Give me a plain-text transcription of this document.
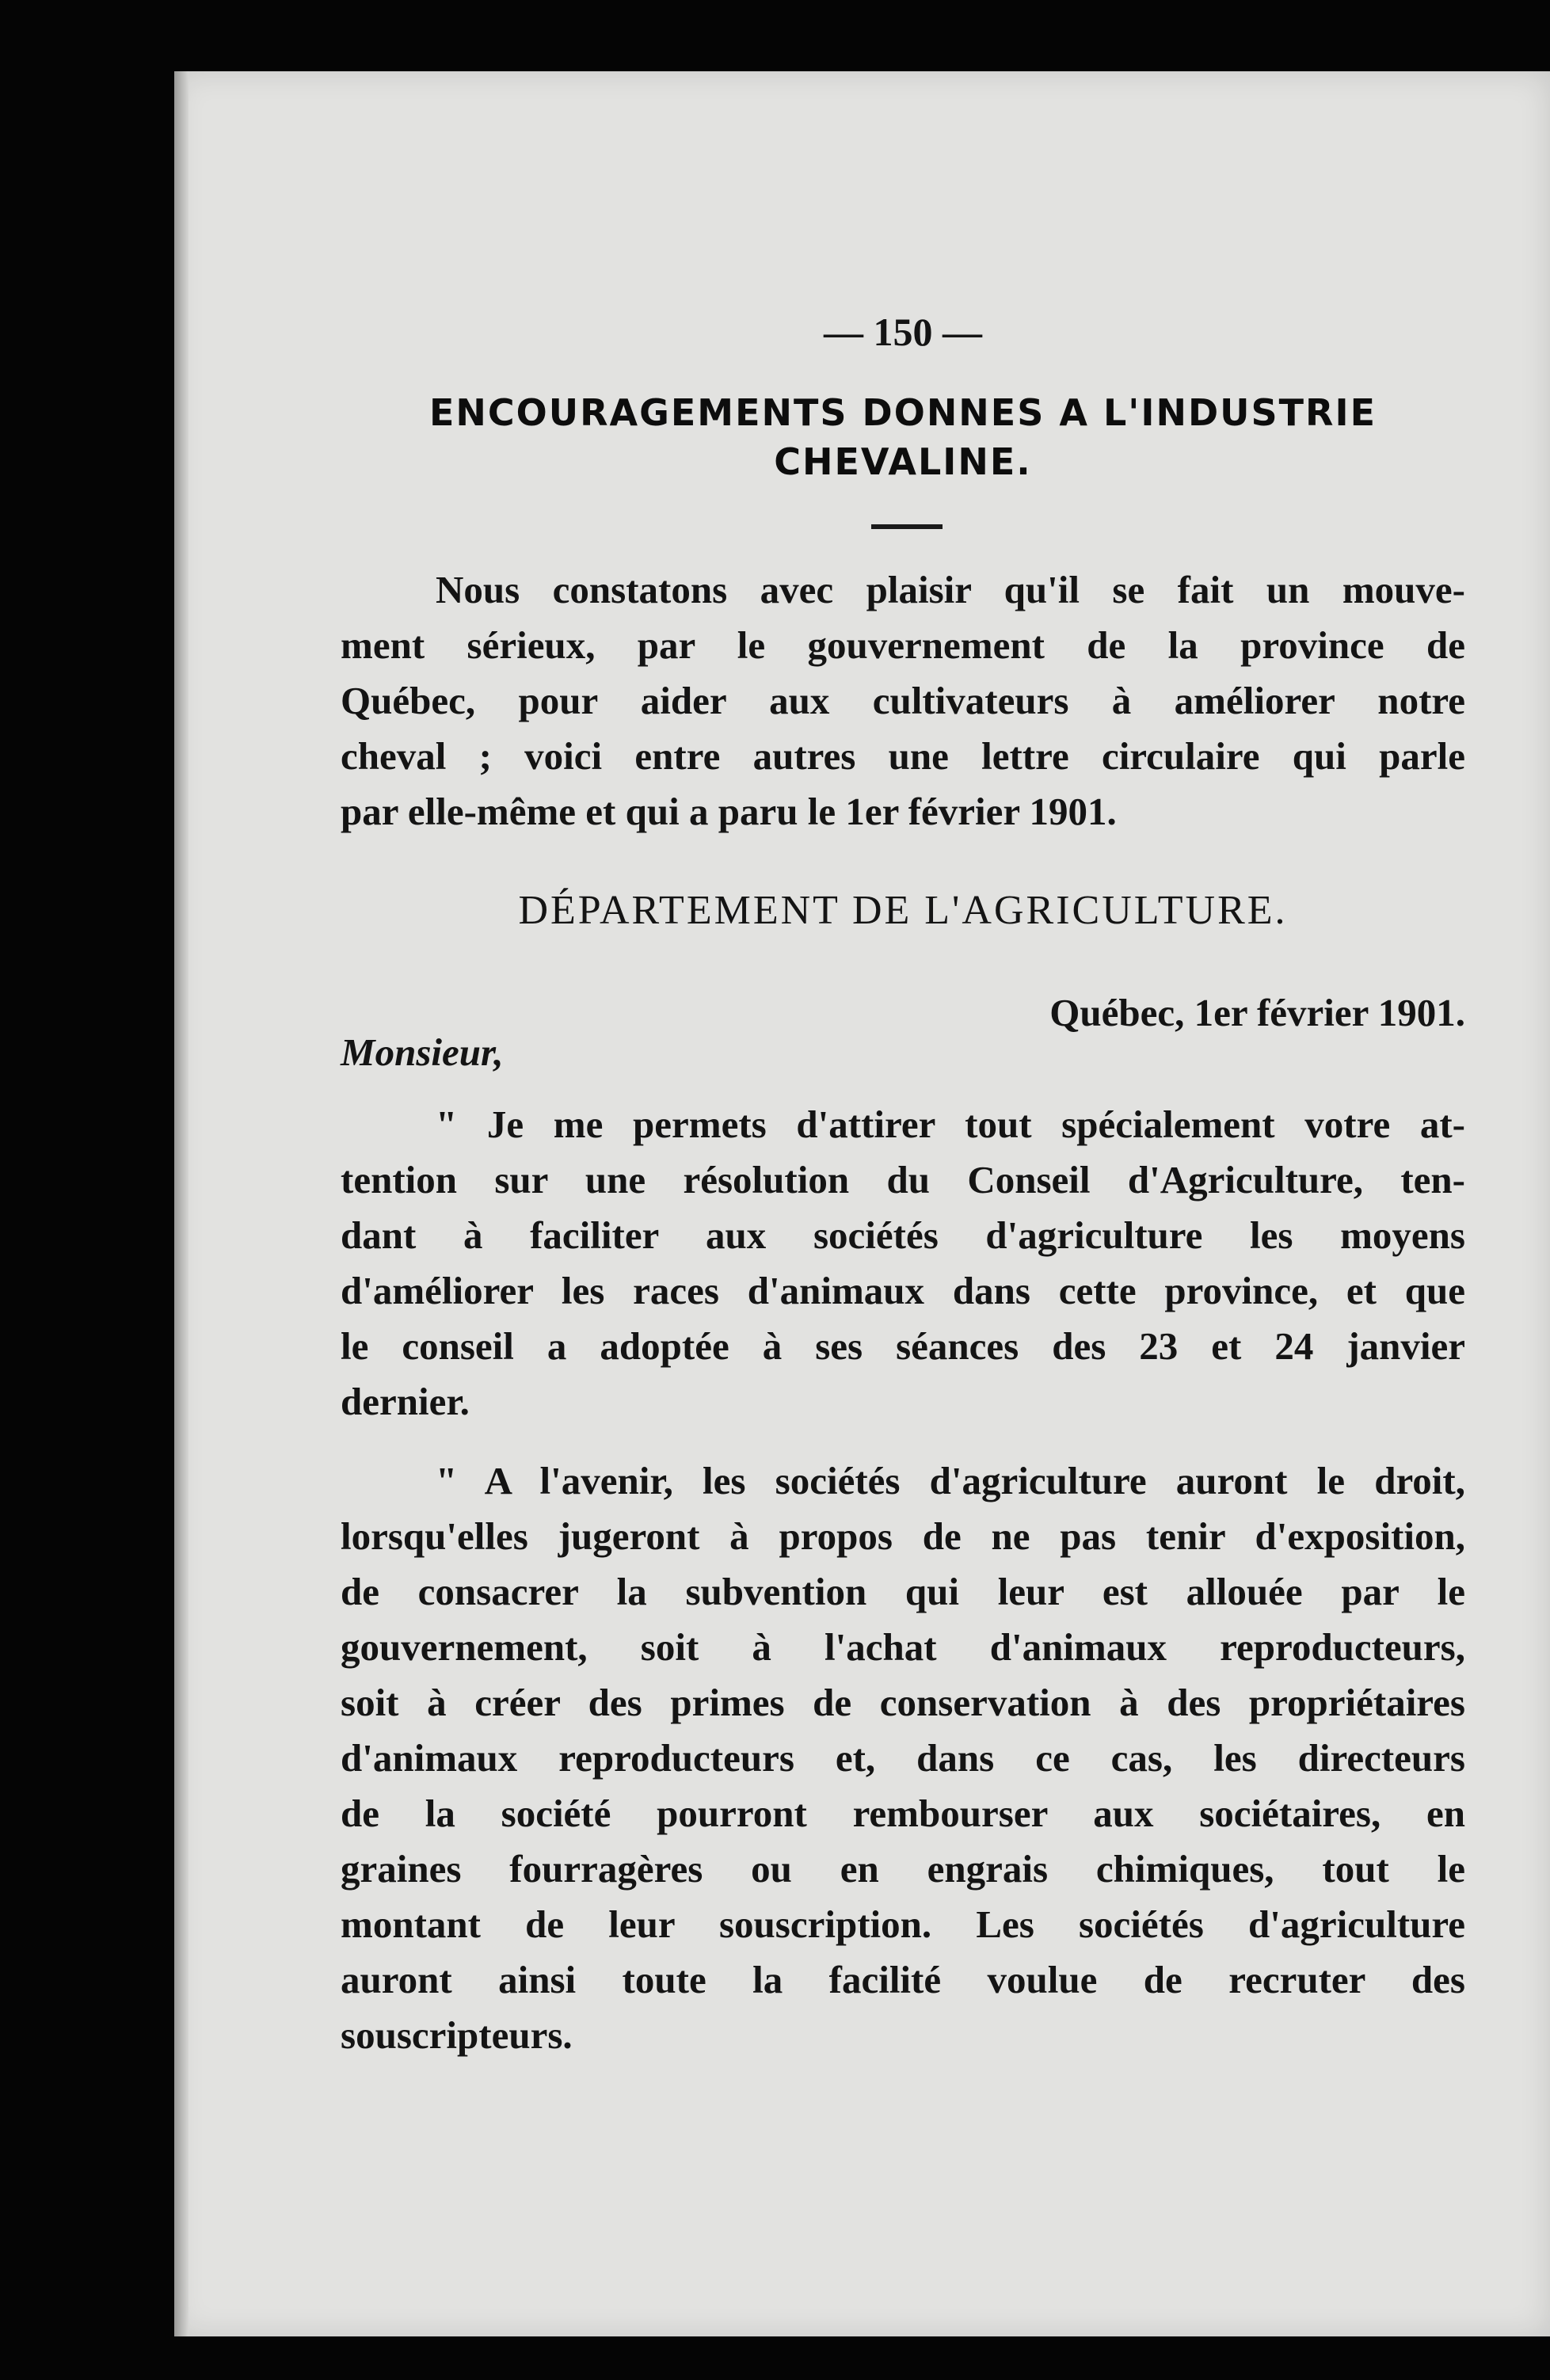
— 150 —
ENCOURAGEMENTS DONNES A L'INDUSTRIE
CHEVALINE.
Nous constatons avec plaisir qu'il se fait un mouve-
ment sérieux, par le gouvernement de la province de
Québec, pour aider aux cultivateurs à améliorer notre
cheval ; voici entre autres une lettre circulaire qui parle
par elle-même et qui a paru le 1er février 1901.
DÉPARTEMENT DE L'AGRICULTURE.
Québec, 1er février 1901.
Monsieur,
" Je me permets d'attirer tout spécialement votre at-
tention sur une résolution du Conseil d'Agriculture, ten-
dant à faciliter aux sociétés d'agriculture les moyens
d'améliorer les races d'animaux dans cette province, et que
le conseil a adoptée à ses séances des 23 et 24 janvier
dernier.
" A l'avenir, les sociétés d'agriculture auront le droit,
lorsqu'elles jugeront à propos de ne pas tenir d'exposition,
de consacrer la subvention qui leur est allouée par le
gouvernement, soit à l'achat d'animaux reproducteurs,
soit à créer des primes de conservation à des propriétaires
d'animaux reproducteurs et, dans ce cas, les directeurs
de la société pourront rembourser aux sociétaires, en
graines fourragères ou en engrais chimiques, tout le
montant de leur souscription. Les sociétés d'agriculture
auront ainsi toute la facilité voulue de recruter des
souscripteurs.
